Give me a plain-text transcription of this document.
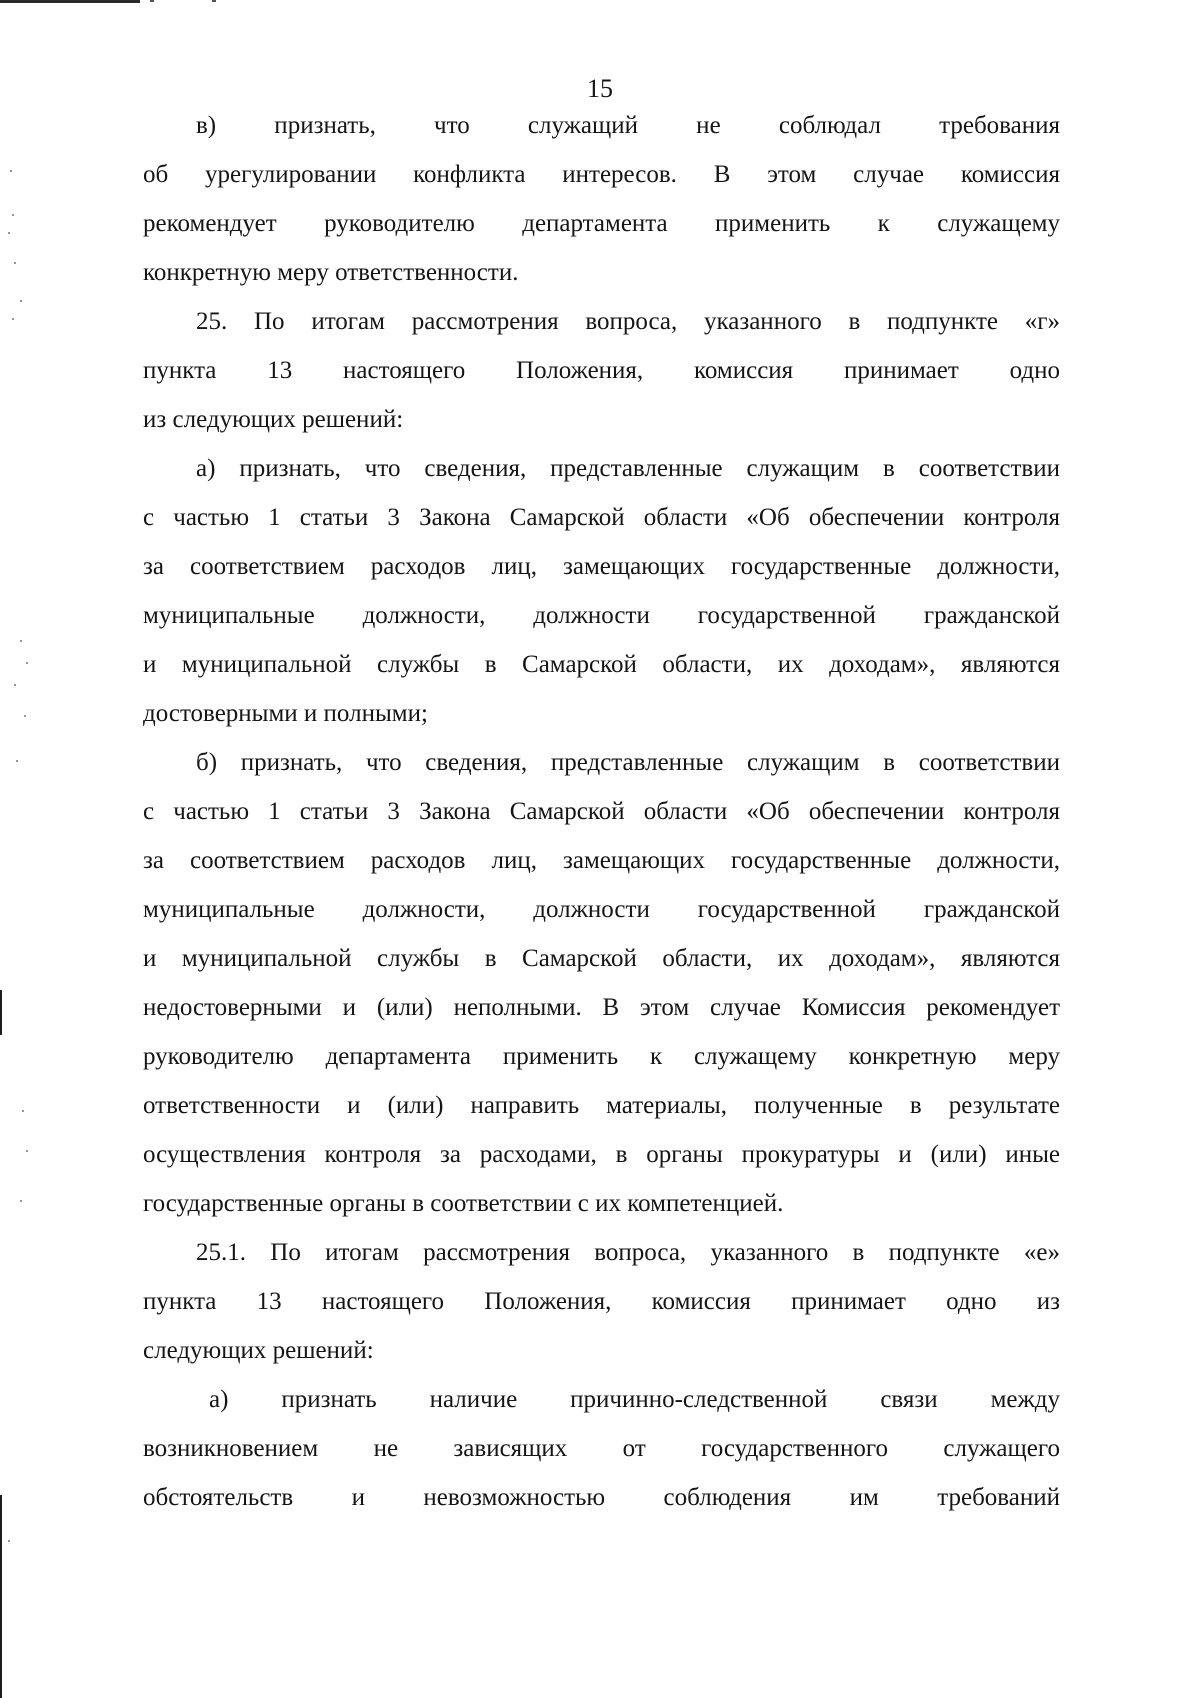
15
в) признать, что служащий не соблюдал требования
об урегулировании конфликта интересов. В этом случае комиссия
рекомендует руководителю департамента применить к служащему
конкретную меру ответственности.
25. По итогам рассмотрения вопроса, указанного в подпункте «г»
пункта 13 настоящего Положения, комиссия принимает одно
из следующих решений:
а) признать, что сведения, представленные служащим в соответствии
с частью 1 статьи 3 Закона Самарской области «Об обеспечении контроля
за соответствием расходов лиц, замещающих государственные должности,
муниципальные должности, должности государственной гражданской
и муниципальной службы в Самарской области, их доходам», являются
достоверными и полными;
б) признать, что сведения, представленные служащим в соответствии
с частью 1 статьи 3 Закона Самарской области «Об обеспечении контроля
за соответствием расходов лиц, замещающих государственные должности,
муниципальные должности, должности государственной гражданской
и муниципальной службы в Самарской области, их доходам», являются
недостоверными и (или) неполными. В этом случае Комиссия рекомендует
руководителю департамента применить к служащему конкретную меру
ответственности и (или) направить материалы, полученные в результате
осуществления контроля за расходами, в органы прокуратуры и (или) иные
государственные органы в соответствии с их компетенцией.
25.1. По итогам рассмотрения вопроса, указанного в подпункте «е»
пункта 13 настоящего Положения, комиссия принимает одно из
следующих решений:
а) признать наличие причинно-следственной связи между
возникновением не зависящих от государственного служащего
обстоятельств и невозможностью соблюдения им требований
